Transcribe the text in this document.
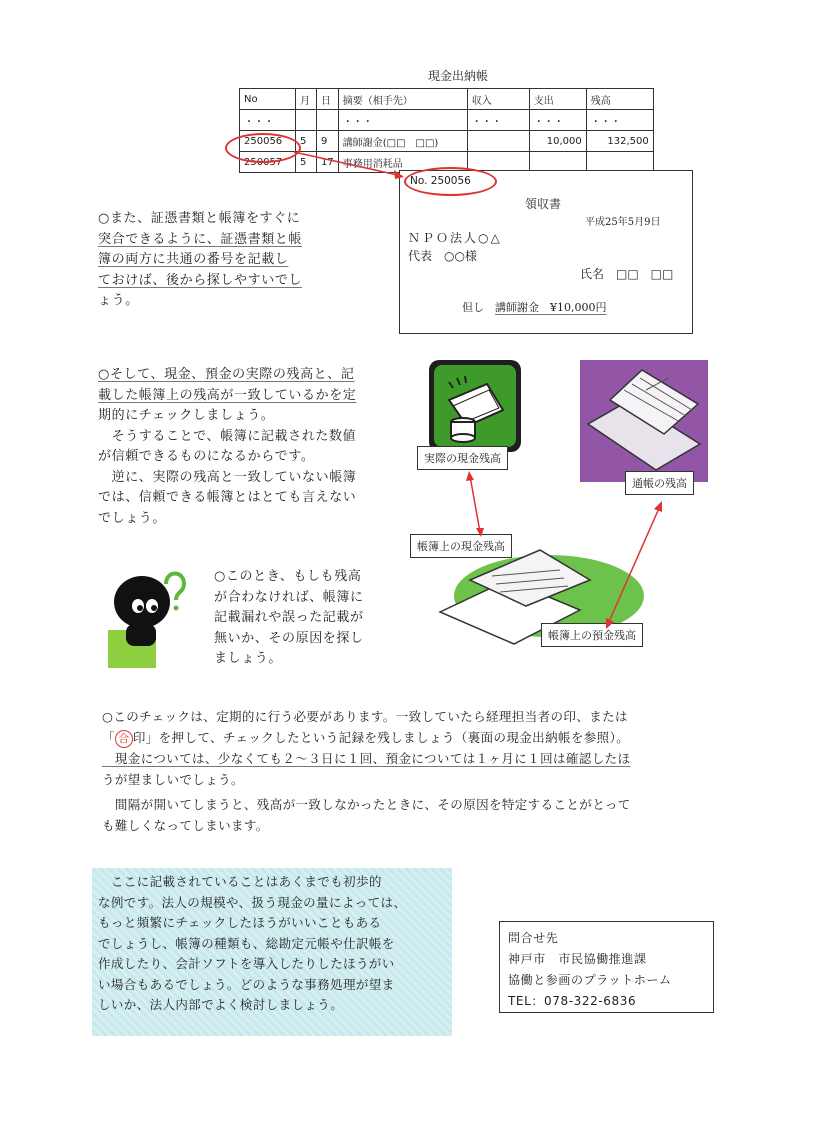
現金出納帳
No	月	日	摘要（相手先）	収入	支出	残高
・・・			・・・	・・・	・・・	・・・
250056	5	9	講師謝金(□□　□□)		10,000	132,500
250057	5	17	事務用消耗品			
No. 250056
領収書
平成25年5月9日
ＮＰＯ法人○△
代表　○○様
氏名　□□　□□
但し　 講師謝金　¥10,000円
○また、証憑書類と帳簿をすぐに
突合できるように、証憑書類と帳
簿の両方に共通の番号を記載し
ておけば、後から探しやすいでし
ょう。
○そして、現金、預金の実際の残高と、記
載した帳簿上の残高が一致しているかを定
期的にチェックしましょう。
　そうすることで、帳簿に記載された数値
が信頼できるものになるからです。
　逆に、実際の残高と一致していない帳簿
では、信頼できる帳簿とはとても言えない
でしょう。
実際の現金残高
通帳の残高
帳簿上の現金残高
帳簿上の預金残高
○このとき、もしも残高
が合わなければ、帳簿に
記載漏れや誤った記載が
無いか、その原因を探し
ましょう。
○このチェックは、定期的に行う必要があります。一致していたら経理担当者の印、または
「 合 印」を押して、チェックしたという記録を残しましょう（裏面の現金出納帳を参照）。
　現金については、少なくても２〜３日に１回、預金については１ヶ月に１回は確認したほ
うが望ましいでしょう。
　間隔が開いてしまうと、残高が一致しなかったときに、その原因を特定することがとって
も難しくなってしまいます。
　ここに記載されていることはあくまでも初歩的
な例です。法人の規模や、扱う現金の量によっては、
もっと頻繁にチェックしたほうがいいこともある
でしょうし、帳簿の種類も、総勘定元帳や仕訳帳を
作成したり、会計ソフトを導入したりしたほうがい
い場合もあるでしょう。どのような事務処理が望ま
しいか、法人内部でよく検討しましょう。
問合せ先
神戸市　市民協働推進課
協働と参画のプラットホーム
TEL：078-322-6836
